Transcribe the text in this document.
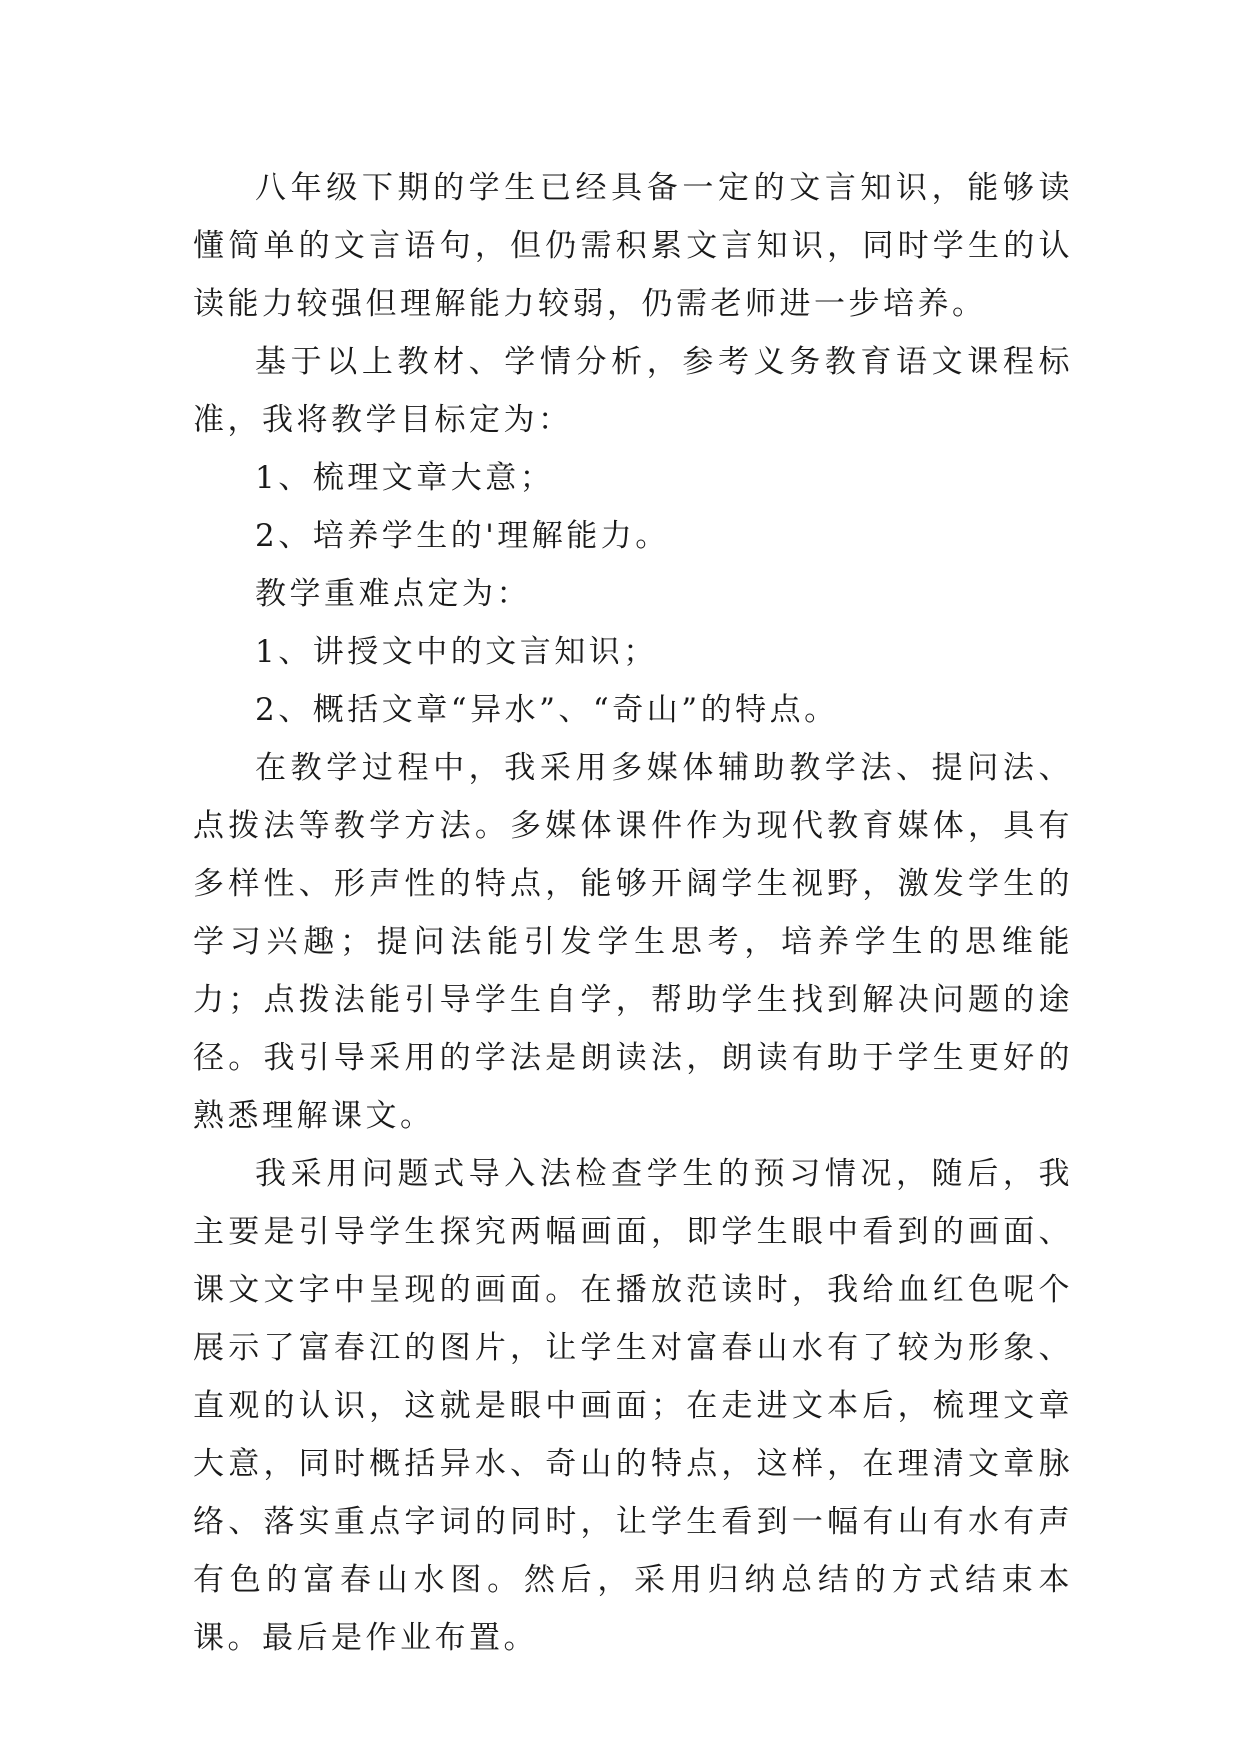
八年级下期的学生已经具备一定的文言知识，能够读懂简单的文言语句，但仍需积累文言知识，同时学生的认读能力较强但理解能力较弱，仍需老师进一步培养。

基于以上教材、学情分析，参考义务教育语文课程标准，我将教学目标定为：

1、梳理文章大意；

2、培养学生的'理解能力。

教学重难点定为：

1、讲授文中的文言知识；

2、概括文章“异水”、“奇山”的特点。

在教学过程中，我采用多媒体辅助教学法、提问法、点拨法等教学方法。多媒体课件作为现代教育媒体，具有多样性、形声性的特点，能够开阔学生视野，激发学生的学习兴趣；提问法能引发学生思考，培养学生的思维能力；点拨法能引导学生自学，帮助学生找到解决问题的途径。我引导采用的学法是朗读法，朗读有助于学生更好的熟悉理解课文。

我采用问题式导入法检查学生的预习情况，随后，我主要是引导学生探究两幅画面，即学生眼中看到的画面、课文文字中呈现的画面。在播放范读时，我给血红色呢个展示了富春江的图片，让学生对富春山水有了较为形象、直观的认识，这就是眼中画面；在走进文本后，梳理文章大意，同时概括异水、奇山的特点，这样，在理清文章脉络、落实重点字词的同时，让学生看到一幅有山有水有声有色的富春山水图。然后，采用归纳总结的方式结束本课。最后是作业布置。
